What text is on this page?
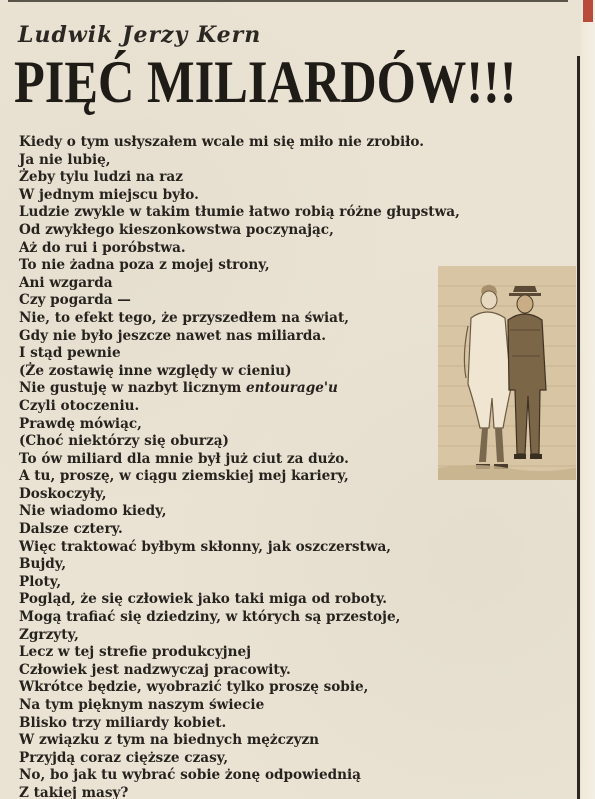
Ludwik Jerzy Kern
PIĘĆ MILIARDÓW!!!
Kiedy o tym usłyszałem wcale mi się miło nie zrobiło.
Ja nie lubię,
Żeby tylu ludzi na raz
W jednym miejscu było.
Ludzie zwykle w takim tłumie łatwo robią różne głupstwa,
Od zwykłego kieszonkowstwa poczynając,
Aż do rui i poróbstwa.
To nie żadna poza z mojej strony,
Ani wzgarda
Czy pogarda —
Nie, to efekt tego, że przyszedłem na świat,
Gdy nie było jeszcze nawet nas miliarda.
I stąd pewnie
(Że zostawię inne względy w cieniu)
Nie gustuję w nazbyt licznym entourage'u
Czyli otoczeniu.
Prawdę mówiąc,
(Choć niektórzy się oburzą)
To ów miliard dla mnie był już ciut za dużo.
A tu, proszę, w ciągu ziemskiej mej kariery,
Doskoczyły,
Nie wiadomo kiedy,
Dalsze cztery.
Więc traktować byłbym skłonny, jak oszczerstwa,
Bujdy,
Ploty,
Pogląd, że się człowiek jako taki miga od roboty.
Mogą trafiać się dziedziny, w których są przestoje,
Zgrzyty,
Lecz w tej strefie produkcyjnej
Człowiek jest nadzwyczaj pracowity.
Wkrótce będzie, wyobrazić tylko proszę sobie,
Na tym pięknym naszym świecie
Blisko trzy miliardy kobiet.
W związku z tym na biednych mężczyzn
Przyjdą coraz cięższe czasy,
No, bo jak tu wybrać sobie żonę odpowiednią
Z takiej masy?
